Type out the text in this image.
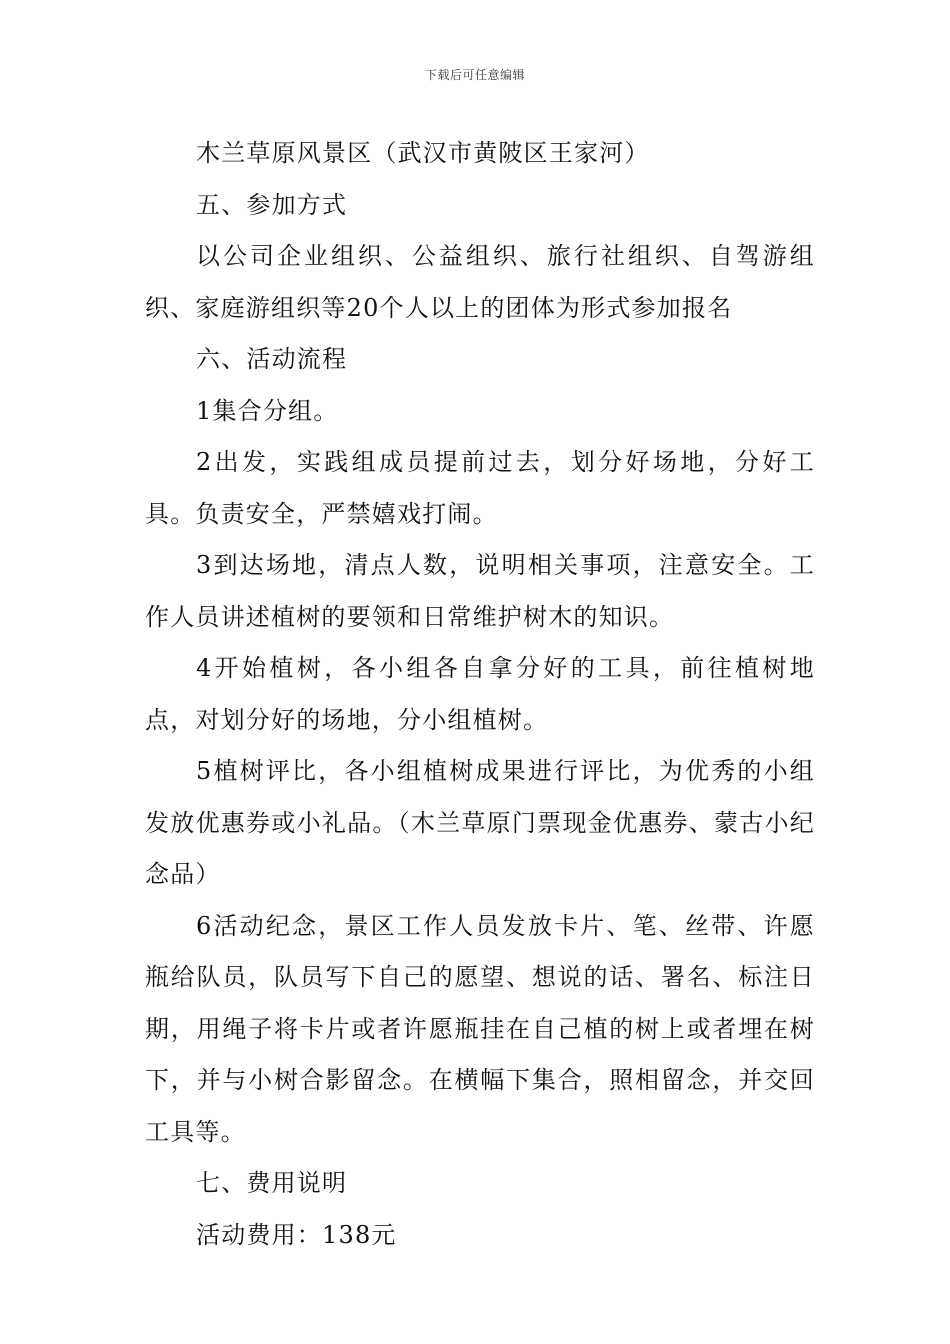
下载后可任意编辑

木兰草原风景区（武汉市黄陂区王家河）

五、参加方式

以公司企业组织、公益组织、旅行社组织、自驾游组织、家庭游组织等20个人以上的团体为形式参加报名

六、活动流程

1集合分组。

2出发，实践组成员提前过去，划分好场地，分好工具。负责安全，严禁嬉戏打闹。

3到达场地，清点人数，说明相关事项，注意安全。工作人员讲述植树的要领和日常维护树木的知识。

4开始植树，各小组各自拿分好的工具，前往植树地点，对划分好的场地，分小组植树。

5植树评比，各小组植树成果进行评比，为优秀的小组发放优惠券或小礼品。（木兰草原门票现金优惠券、蒙古小纪念品）

6活动纪念，景区工作人员发放卡片、笔、丝带、许愿瓶给队员，队员写下自己的愿望、想说的话、署名、标注日期，用绳子将卡片或者许愿瓶挂在自己植的树上或者埋在树下，并与小树合影留念。在横幅下集合，照相留念，并交回工具等。

七、费用说明

活动费用：138元
